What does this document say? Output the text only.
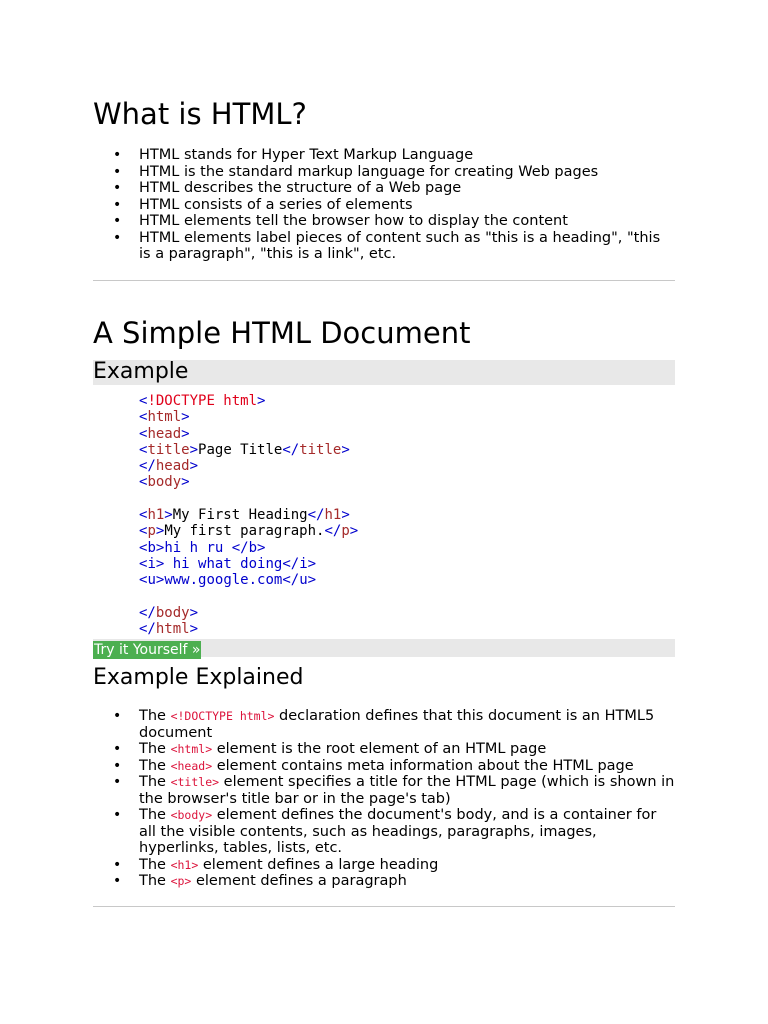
What is HTML?
• HTML stands for Hyper Text Markup Language
• HTML is the standard markup language for creating Web pages
• HTML describes the structure of a Web page
• HTML consists of a series of elements
• HTML elements tell the browser how to display the content
• HTML elements label pieces of content such as "this is a heading", "this is a paragraph", "this is a link", etc.
A Simple HTML Document
Example
<!DOCTYPE html>
<html>
<head>
<title>Page Title</title>
</head>
<body>

<h1>My First Heading</h1>
<p>My first paragraph.</p>
<b>hi h ru </b>
<i> hi what doing</i>
<u>www.google.com</u>

</body>
</html>
Try it Yourself »
Example Explained
• The <!DOCTYPE html> declaration defines that this document is an HTML5 document
• The <html> element is the root element of an HTML page
• The <head> element contains meta information about the HTML page
• The <title> element specifies a title for the HTML page (which is shown in the browser's title bar or in the page's tab)
• The <body> element defines the document's body, and is a container for all the visible contents, such as headings, paragraphs, images, hyperlinks, tables, lists, etc.
• The <h1> element defines a large heading
• The <p> element defines a paragraph
